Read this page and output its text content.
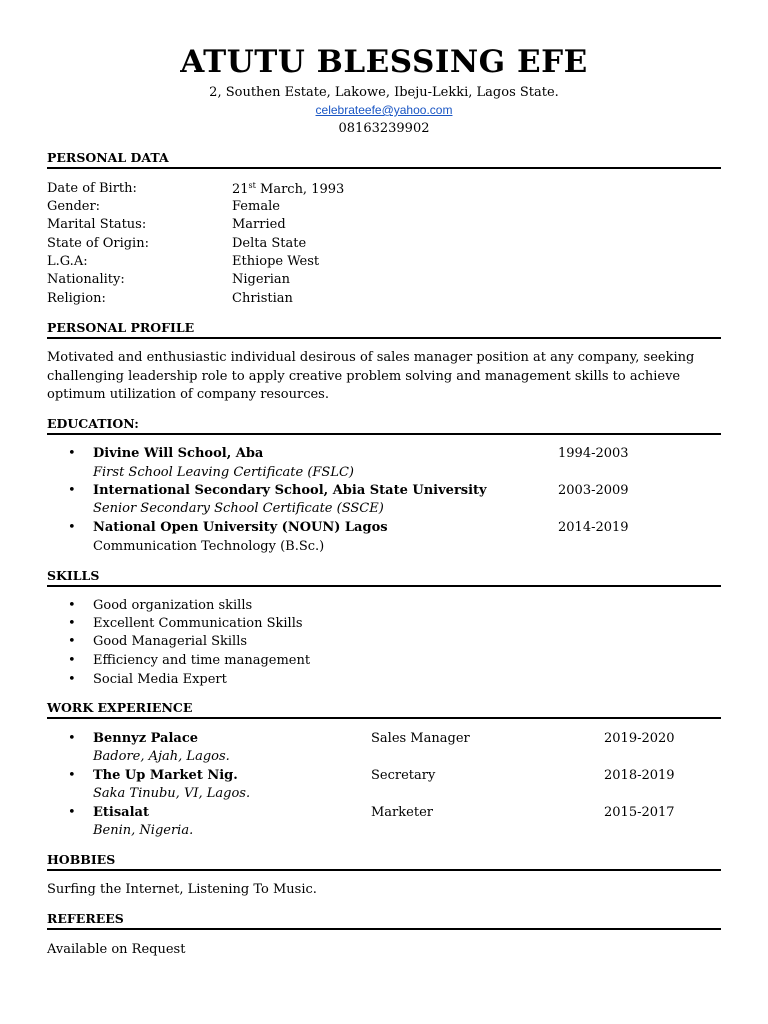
ATUTU BLESSING EFE
2, Southen Estate, Lakowe, Ibeju-Lekki, Lagos State.
celebrateefe@yahoo.com
08163239902
PERSONAL DATA
Date of Birth:	21st March, 1993
Gender:	Female
Marital Status:	Married
State of Origin:	Delta State
L.G.A:	Ethiope West
Nationality:	Nigerian
Religion:	Christian
PERSONAL PROFILE
Motivated and enthusiastic individual desirous of sales manager position at any company, seeking
challenging leadership role to apply creative problem solving and management skills to achieve
optimum utilization of company resources.
EDUCATION:
• Divine Will School, Aba	1994-2003
First School Leaving Certificate (FSLC)
• International Secondary School, Abia State University	2003-2009
Senior Secondary School Certificate (SSCE)
• National Open University (NOUN) Lagos	2014-2019
Communication Technology (B.Sc.)
SKILLS
• Good organization skills
• Excellent Communication Skills
• Good Managerial Skills
• Efficiency and time management
• Social Media Expert
WORK EXPERIENCE
• Bennyz Palace	Sales Manager	2019-2020
Badore, Ajah, Lagos.
• The Up Market Nig.	Secretary	2018-2019
Saka Tinubu, VI, Lagos.
• Etisalat	Marketer	2015-2017
Benin, Nigeria.
HOBBIES
Surfing the Internet, Listening To Music.
REFEREES
Available on Request
